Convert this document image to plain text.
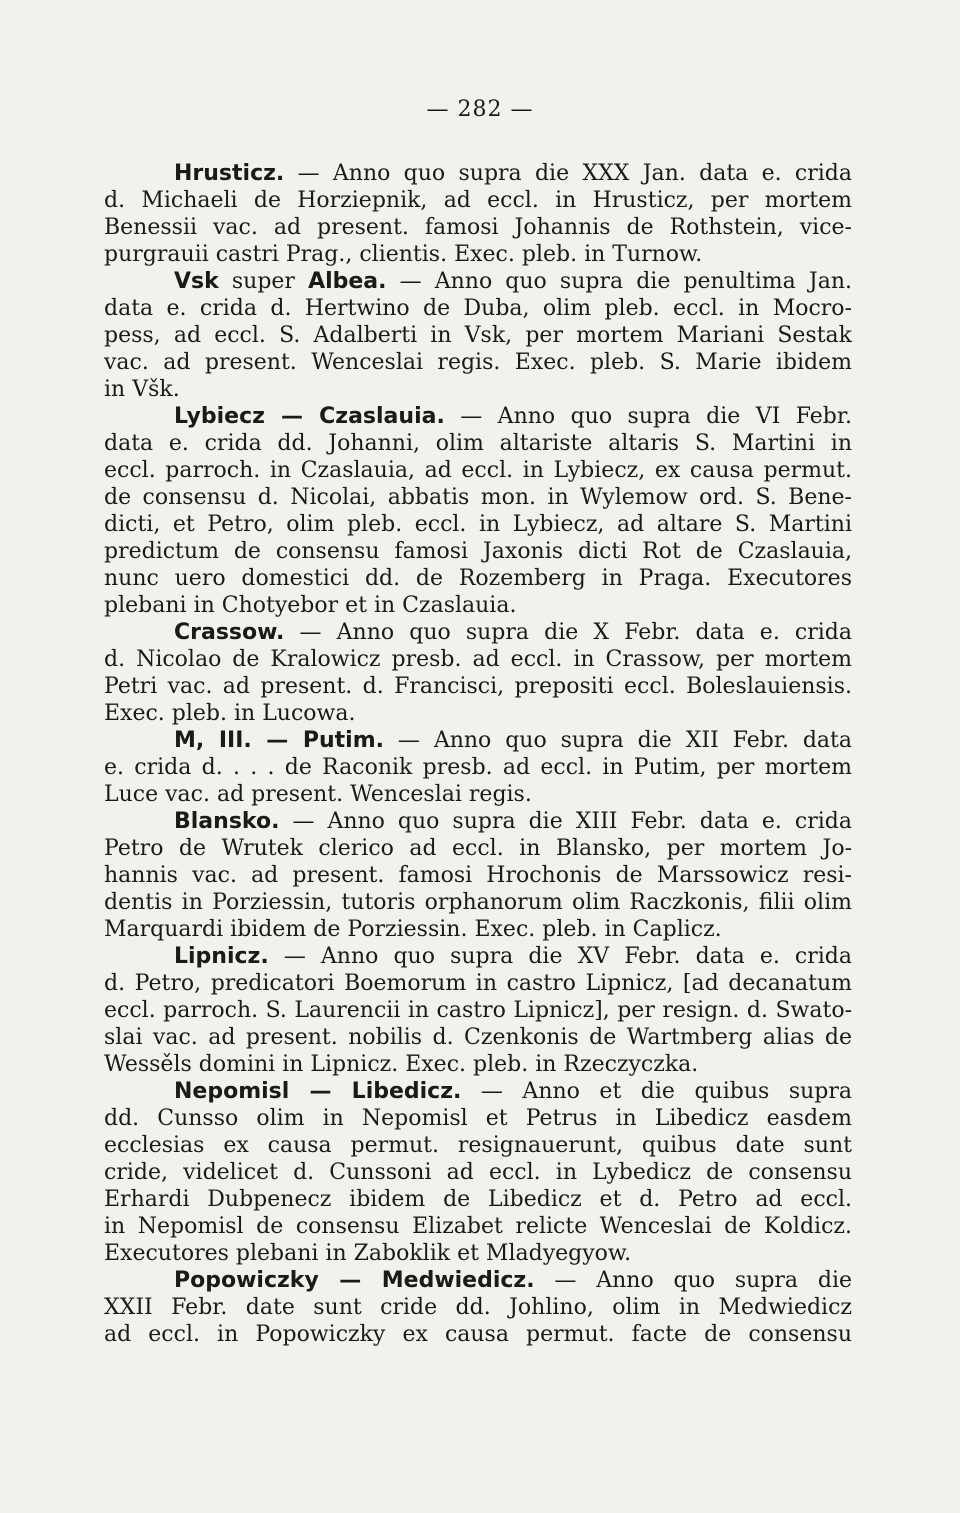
— 282 —
Hrusticz. — Anno quo supra die XXX Jan. data e. crida
d. Michaeli de Horziepnik, ad eccl. in Hrusticz, per mortem
Benessii vac. ad present. famosi Johannis de Rothstein, vice-
purgrauii castri Prag., clientis. Exec. pleb. in Turnow.
Vsk super Albea. — Anno quo supra die penultima Jan.
data e. crida d. Hertwino de Duba, olim pleb. eccl. in Mocro-
pess, ad eccl. S. Adalberti in Vsk, per mortem Mariani Sestak
vac. ad present. Wenceslai regis. Exec. pleb. S. Marie ibidem
in Všk.
Lybiecz — Czaslauia. — Anno quo supra die VI Febr.
data e. crida dd. Johanni, olim altariste altaris S. Martini in
eccl. parroch. in Czaslauia, ad eccl. in Lybiecz, ex causa permut.
de consensu d. Nicolai, abbatis mon. in Wylemow ord. S. Bene-
dicti, et Petro, olim pleb. eccl. in Lybiecz, ad altare S. Martini
predictum de consensu famosi Jaxonis dicti Rot de Czaslauia,
nunc uero domestici dd. de Rozemberg in Praga. Executores
plebani in Chotyebor et in Czaslauia.
Crassow. — Anno quo supra die X Febr. data e. crida
d. Nicolao de Kralowicz presb. ad eccl. in Crassow, per mortem
Petri vac. ad present. d. Francisci, prepositi eccl. Boleslauiensis.
Exec. pleb. in Lucowa.
M, III. — Putim. — Anno quo supra die XII Febr. data
e. crida d. . . . de Raconik presb. ad eccl. in Putim, per mortem
Luce vac. ad present. Wenceslai regis.
Blansko. — Anno quo supra die XIII Febr. data e. crida
Petro de Wrutek clerico ad eccl. in Blansko, per mortem Jo-
hannis vac. ad present. famosi Hrochonis de Marssowicz resi-
dentis in Porziessin, tutoris orphanorum olim Raczkonis, filii olim
Marquardi ibidem de Porziessin. Exec. pleb. in Caplicz.
Lipnicz. — Anno quo supra die XV Febr. data e. crida
d. Petro, predicatori Boemorum in castro Lipnicz, [ad decanatum
eccl. parroch. S. Laurencii in castro Lipnicz], per resign. d. Swato-
slai vac. ad present. nobilis d. Czenkonis de Wartmberg alias de
Wessěls domini in Lipnicz. Exec. pleb. in Rzeczyczka.
Nepomisl — Libedicz. — Anno et die quibus supra
dd. Cunsso olim in Nepomisl et Petrus in Libedicz easdem
ecclesias ex causa permut. resignauerunt, quibus date sunt
cride, videlicet d. Cunssoni ad eccl. in Lybedicz de consensu
Erhardi Dubpenecz ibidem de Libedicz et d. Petro ad eccl.
in Nepomisl de consensu Elizabet relicte Wenceslai de Koldicz.
Executores plebani in Zaboklik et Mladyegyow.
Popowiczky — Medwiedicz. — Anno quo supra die
XXII Febr. date sunt cride dd. Johlino, olim in Medwiedicz
ad eccl. in Popowiczky ex causa permut. facte de consensu
